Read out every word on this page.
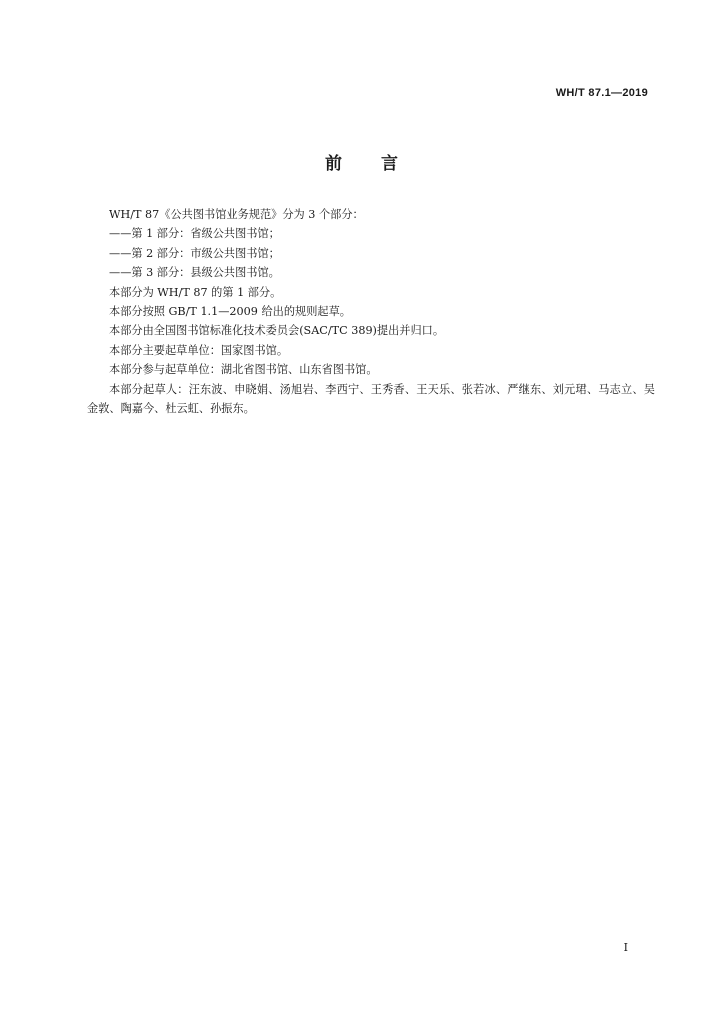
WH/T 87.1—2019
前 言

WH/T 87《公共图书馆业务规范》分为 3 个部分：

——第 1 部分：省级公共图书馆；

——第 2 部分：市级公共图书馆；

——第 3 部分：县级公共图书馆。

本部分为 WH/T 87 的第 1 部分。

本部分按照 GB/T 1.1—2009 给出的规则起草。

本部分由全国图书馆标准化技术委员会(SAC/TC 389)提出并归口。

本部分主要起草单位：国家图书馆。

本部分参与起草单位：湖北省图书馆、山东省图书馆。

本部分起草人：汪东波、申晓娟、汤旭岩、李西宁、王秀香、王天乐、张若冰、严继东、刘元珺、马志立、吴金敦、陶嘉今、杜云虹、孙振东。

I
